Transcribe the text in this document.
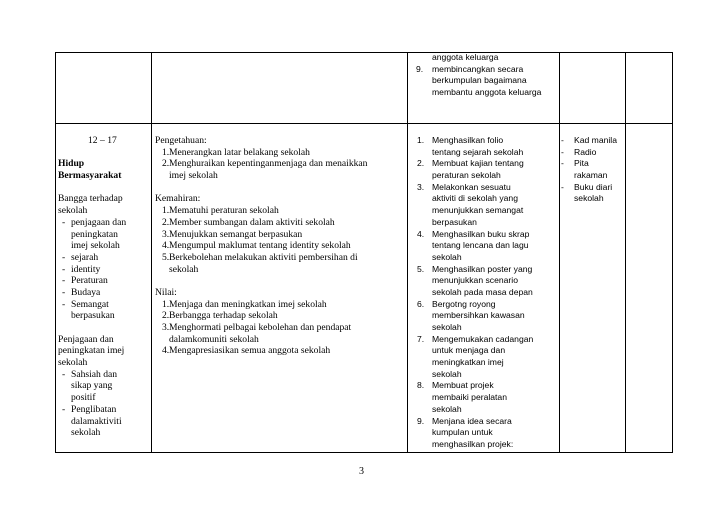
anggota keluarga
9. membincangkan secara
berkumpulan bagaimana
membantu anggota keluarga
12 – 17
Hidup
Bermasyarakat
Bangga terhadap
sekolah
- penjagaan dan
peningkatan
imej sekolah
- sejarah
- identity
- Peraturan
- Budaya
- Semangat
berpasukan
Penjagaan dan
peningkatan imej
sekolah
- Sahsiah dan
sikap yang
positif
- Penglibatan
dalamaktiviti
sekolah
Pengetahuan:
1. Menerangkan latar belakang sekolah
2. Menghuraikan kepentinganmenjaga dan menaikkan
imej sekolah
Kemahiran:
1. Mematuhi peraturan sekolah
2. Member sumbangan dalam aktiviti sekolah
3. Menujukkan semangat berpasukan
4. Mengumpul maklumat tentang identity sekolah
5. Berkebolehan melakukan aktiviti pembersihan di
sekolah
Nilai:
1. Menjaga dan meningkatkan imej sekolah
2. Berbangga terhadap sekolah
3. Menghormati pelbagai kebolehan dan pendapat
dalamkomuniti sekolah
4. Mengapresiasikan semua anggota sekolah
1. Menghasilkan folio
tentang sejarah sekolah
2. Membuat kajian tentang
peraturan sekolah
3. Melakonkan sesuatu
aktiviti di sekolah yang
menunjukkan semangat
berpasukan
4. Menghasilkan buku skrap
tentang lencana dan lagu
sekolah
5. Menghasilkan poster yang
menunjukkan scenario
sekolah pada masa depan
6. Bergotng royong
membersihkan kawasan
sekolah
7. Mengemukakan cadangan
untuk menjaga dan
meningkatkan imej
sekolah
8. Membuat projek
membaiki peralatan
sekolah
9. Menjana idea secara
kumpulan untuk
menghasilkan projek:
- Kad manila
- Radio
- Pita
rakaman
- Buku diari
sekolah
3
